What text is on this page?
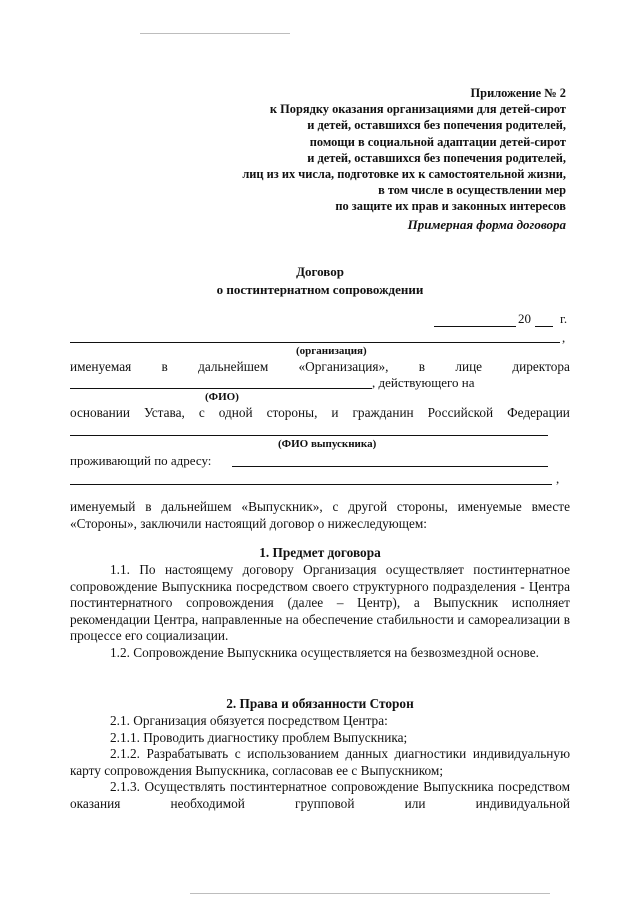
Приложение № 2
к Порядку оказания организациями для детей-сирот
и детей, оставшихся без попечения родителей,
помощи в социальной адаптации детей-сирот
и детей, оставшихся без попечения родителей,
лиц из их числа, подготовке их к самостоятельной жизни,
в том числе в осуществлении мер
по защите их прав и законных интересов
Примерная форма договора
Договор
о постинтернатном сопровождении
20 г.
,
(организация)
именуемая в дальнейшем «Организация», в лице директора
, действующего на
(ФИО)
основании Устава, с одной стороны, и гражданин Российской Федерации
(ФИО выпускника)
проживающий по адресу:
,

именуемый в дальнейшем «Выпускник», с другой стороны, именуемые вместе «Стороны», заключили настоящий договор о нижеследующем:

1. Предмет договора

1.1. По настоящему договору Организация осуществляет постинтернатное сопровождение Выпускника посредством своего структурного подразделения - Центра постинтернатного сопровождения (далее – Центр), а Выпускник исполняет рекомендации Центра, направленные на обеспечение стабильности и самореализации в процессе его социализации.

1.2. Сопровождение Выпускника осуществляется на безвозмездной основе.

2. Права и обязанности Сторон

2.1. Организация обязуется посредством Центра:

2.1.1. Проводить диагностику проблем Выпускника;

2.1.2. Разрабатывать с использованием данных диагностики индивидуальную карту сопровождения Выпускника, согласовав ее с Выпускником;

2.1.3. Осуществлять постинтернатное сопровождение Выпускника посредством оказания необходимой групповой или индивидуальной
